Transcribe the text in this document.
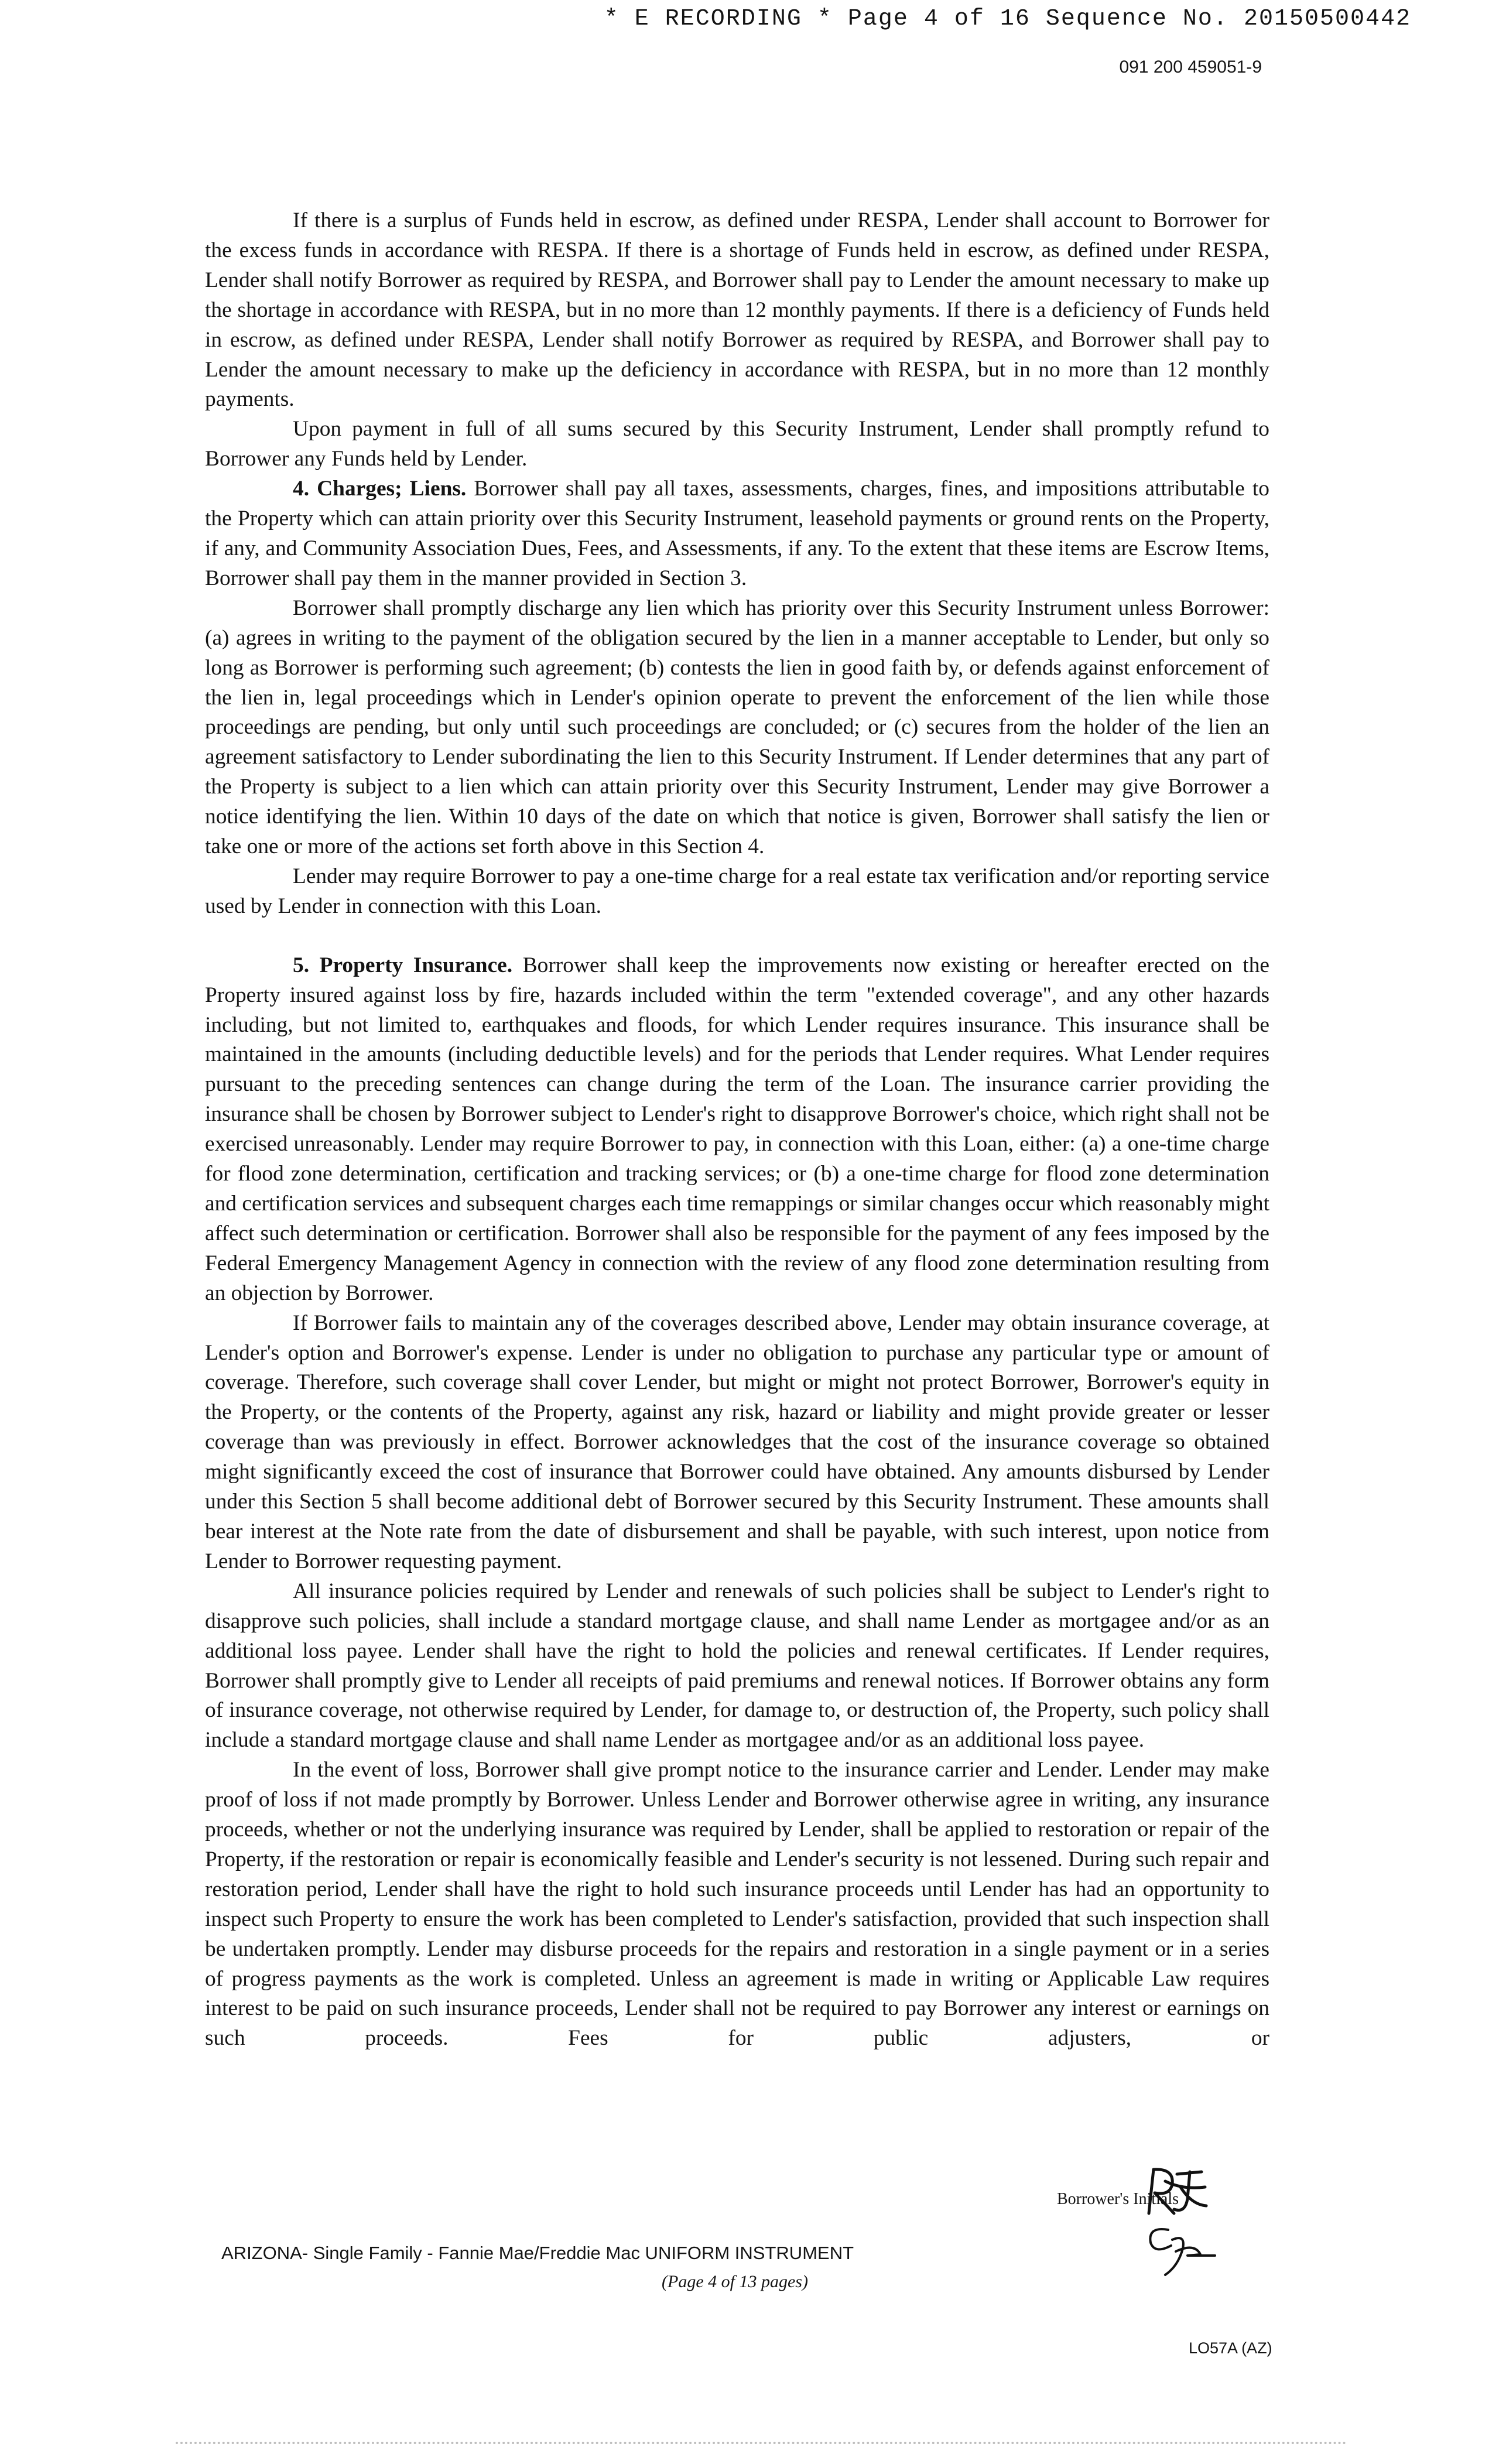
* E RECORDING * Page 4 of 16 Sequence No. 20150500442
091 200 459051-9

If there is a surplus of Funds held in escrow, as defined under RESPA, Lender shall account to Borrower for the excess funds in accordance with RESPA. If there is a shortage of Funds held in escrow, as defined under RESPA, Lender shall notify Borrower as required by RESPA, and Borrower shall pay to Lender the amount necessary to make up the shortage in accordance with RESPA, but in no more than 12 monthly payments. If there is a deficiency of Funds held in escrow, as defined under RESPA, Lender shall notify Borrower as required by RESPA, and Borrower shall pay to Lender the amount necessary to make up the deficiency in accordance with RESPA, but in no more than 12 monthly payments.

Upon payment in full of all sums secured by this Security Instrument, Lender shall promptly refund to Borrower any Funds held by Lender.

4. Charges; Liens. Borrower shall pay all taxes, assessments, charges, fines, and impositions attributable to the Property which can attain priority over this Security Instrument, leasehold payments or ground rents on the Property, if any, and Community Association Dues, Fees, and Assessments, if any. To the extent that these items are Escrow Items, Borrower shall pay them in the manner provided in Section 3.

Borrower shall promptly discharge any lien which has priority over this Security Instrument unless Borrower: (a) agrees in writing to the payment of the obligation secured by the lien in a manner acceptable to Lender, but only so long as Borrower is performing such agreement; (b) contests the lien in good faith by, or defends against enforcement of the lien in, legal proceedings which in Lender's opinion operate to prevent the enforcement of the lien while those proceedings are pending, but only until such proceedings are concluded; or (c) secures from the holder of the lien an agreement satisfactory to Lender subordinating the lien to this Security Instrument. If Lender determines that any part of the Property is subject to a lien which can attain priority over this Security Instrument, Lender may give Borrower a notice identifying the lien. Within 10 days of the date on which that notice is given, Borrower shall satisfy the lien or take one or more of the actions set forth above in this Section 4.

Lender may require Borrower to pay a one-time charge for a real estate tax verification and/or reporting service used by Lender in connection with this Loan.

5. Property Insurance. Borrower shall keep the improvements now existing or hereafter erected on the Property insured against loss by fire, hazards included within the term "extended coverage", and any other hazards including, but not limited to, earthquakes and floods, for which Lender requires insurance. This insurance shall be maintained in the amounts (including deductible levels) and for the periods that Lender requires. What Lender requires pursuant to the preceding sentences can change during the term of the Loan. The insurance carrier providing the insurance shall be chosen by Borrower subject to Lender's right to disapprove Borrower's choice, which right shall not be exercised unreasonably. Lender may require Borrower to pay, in connection with this Loan, either: (a) a one-time charge for flood zone determination, certification and tracking services; or (b) a one-time charge for flood zone determination and certification services and subsequent charges each time remappings or similar changes occur which reasonably might affect such determination or certification. Borrower shall also be responsible for the payment of any fees imposed by the Federal Emergency Management Agency in connection with the review of any flood zone determination resulting from an objection by Borrower.

If Borrower fails to maintain any of the coverages described above, Lender may obtain insurance coverage, at Lender's option and Borrower's expense. Lender is under no obligation to purchase any particular type or amount of coverage. Therefore, such coverage shall cover Lender, but might or might not protect Borrower, Borrower's equity in the Property, or the contents of the Property, against any risk, hazard or liability and might provide greater or lesser coverage than was previously in effect. Borrower acknowledges that the cost of the insurance coverage so obtained might significantly exceed the cost of insurance that Borrower could have obtained. Any amounts disbursed by Lender under this Section 5 shall become additional debt of Borrower secured by this Security Instrument. These amounts shall bear interest at the Note rate from the date of disbursement and shall be payable, with such interest, upon notice from Lender to Borrower requesting payment.

All insurance policies required by Lender and renewals of such policies shall be subject to Lender's right to disapprove such policies, shall include a standard mortgage clause, and shall name Lender as mortgagee and/or as an additional loss payee. Lender shall have the right to hold the policies and renewal certificates. If Lender requires, Borrower shall promptly give to Lender all receipts of paid premiums and renewal notices. If Borrower obtains any form of insurance coverage, not otherwise required by Lender, for damage to, or destruction of, the Property, such policy shall include a standard mortgage clause and shall name Lender as mortgagee and/or as an additional loss payee.

In the event of loss, Borrower shall give prompt notice to the insurance carrier and Lender. Lender may make proof of loss if not made promptly by Borrower. Unless Lender and Borrower otherwise agree in writing, any insurance proceeds, whether or not the underlying insurance was required by Lender, shall be applied to restoration or repair of the Property, if the restoration or repair is economically feasible and Lender's security is not lessened. During such repair and restoration period, Lender shall have the right to hold such insurance proceeds until Lender has had an opportunity to inspect such Property to ensure the work has been completed to Lender's satisfaction, provided that such inspection shall be undertaken promptly. Lender may disburse proceeds for the repairs and restoration in a single payment or in a series of progress payments as the work is completed. Unless an agreement is made in writing or Applicable Law requires interest to be paid on such insurance proceeds, Lender shall not be required to pay Borrower any interest or earnings on such proceeds. Fees for public adjusters, or

Borrower's Initials
ARIZONA- Single Family - Fannie Mae/Freddie Mac UNIFORM INSTRUMENT
(Page 4 of 13 pages)
LO57A (AZ)
